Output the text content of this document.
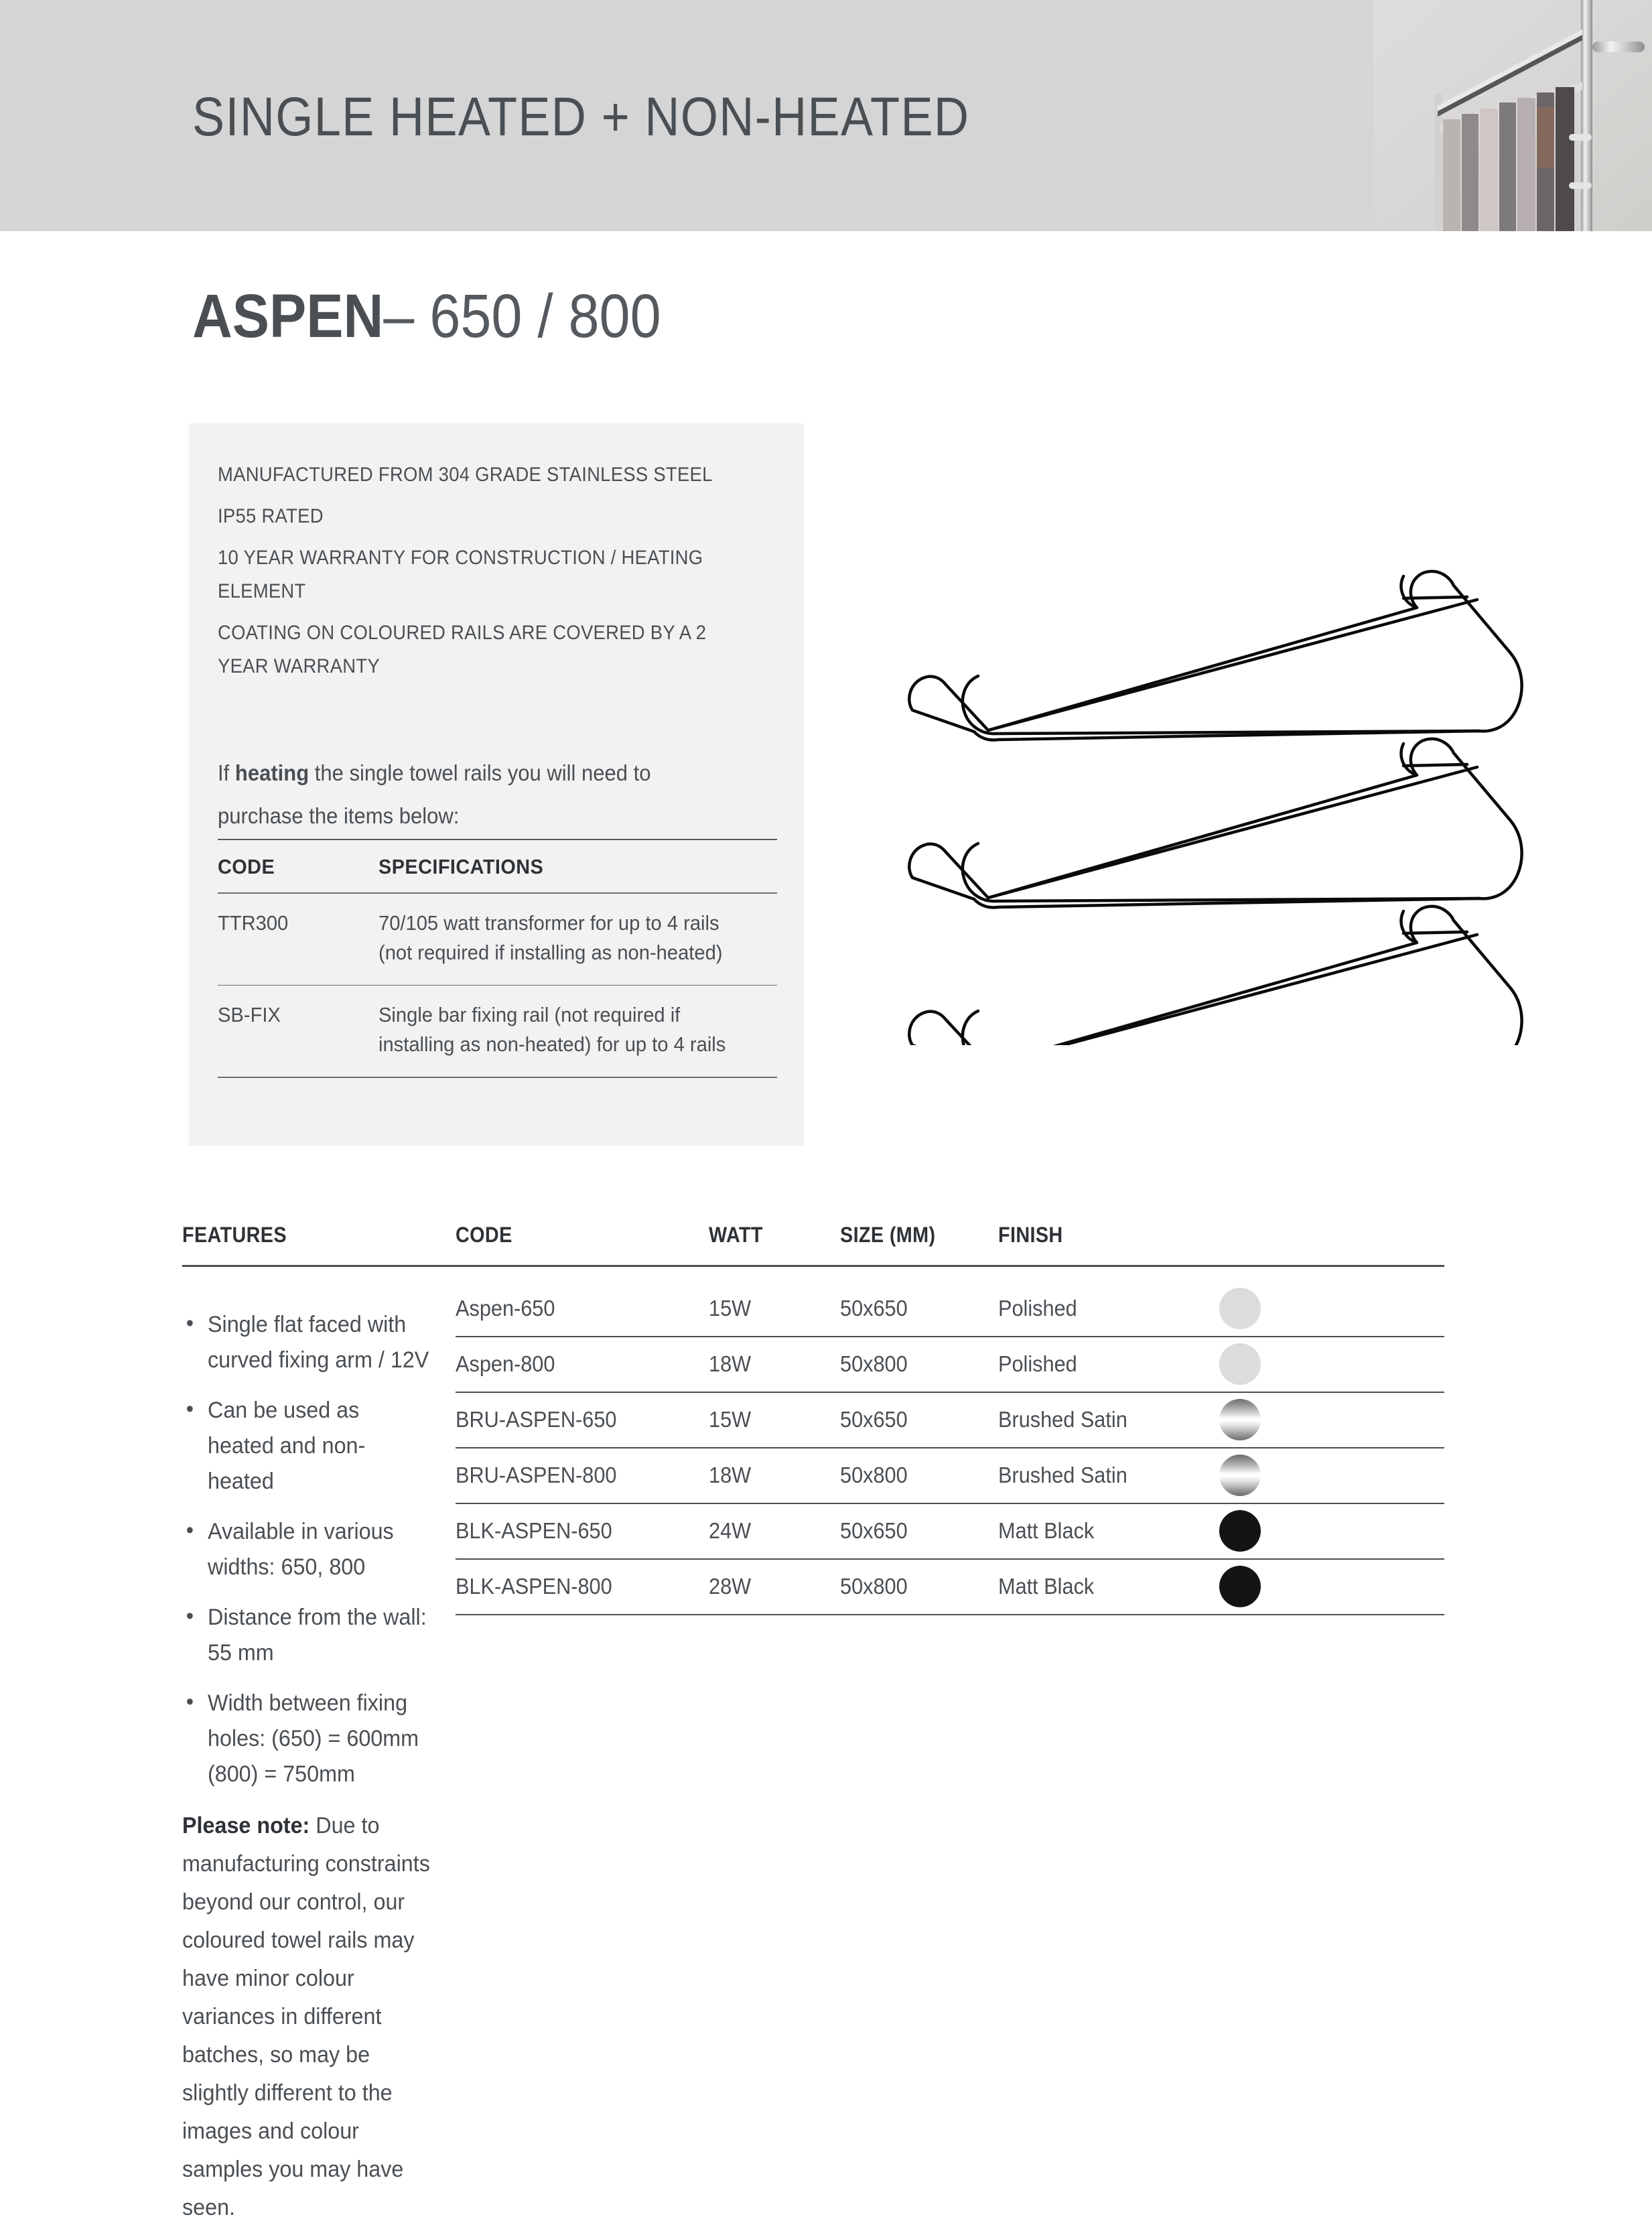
SINGLE HEATED + NON-HEATED
ASPEN– 650 / 800
MANUFACTURED FROM 304 GRADE STAINLESS STEEL
IP55 RATED
10 YEAR WARRANTY FOR CONSTRUCTION / HEATING ELEMENT
COATING ON COLOURED RAILS ARE COVERED BY A 2 YEAR WARRANTY
If heating the single towel rails you will need to purchase the items below:
CODE	SPECIFICATIONS
TTR300	70/105 watt transformer for up to 4 rails (not required if installing as non-heated)
SB-FIX	Single bar fixing rail (not required if installing as non-heated) for up to 4 rails
FEATURES	CODE	WATT	SIZE (MM)	FINISH
• Single flat faced with curved fixing arm / 12V
• Can be used as heated and non-heated
• Available in various widths: 650, 800
• Distance from the wall: 55 mm
• Width between fixing holes: (650) = 600mm (800) = 750mm
Please note: Due to manufacturing constraints beyond our control, our coloured towel rails may have minor colour variances in different batches, so may be slightly different to the images and colour samples you may have seen.
Aspen-650	15W	50x650	Polished
Aspen-800	18W	50x800	Polished
BRU-ASPEN-650	15W	50x650	Brushed Satin
BRU-ASPEN-800	18W	50x800	Brushed Satin
BLK-ASPEN-650	24W	50x650	Matt Black
BLK-ASPEN-800	28W	50x800	Matt Black
